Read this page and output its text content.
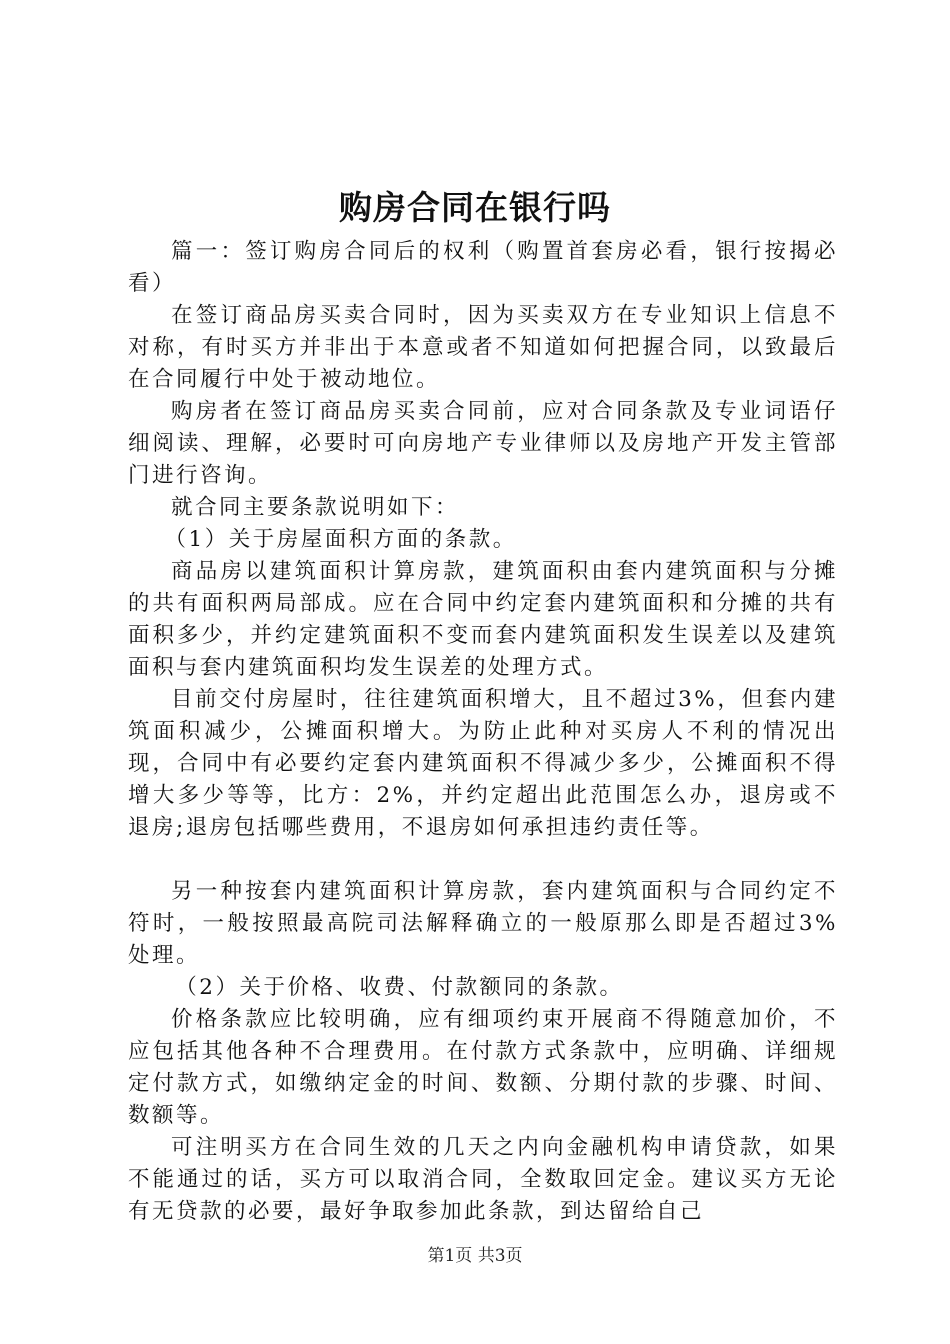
购房合同在银行吗

篇一：签订购房合同后的权利（购置首套房必看，银行按揭必看）

在签订商品房买卖合同时，因为买卖双方在专业知识上信息不对称，有时买方并非出于本意或者不知道如何把握合同，以致最后在合同履行中处于被动地位。

购房者在签订商品房买卖合同前，应对合同条款及专业词语仔细阅读、理解，必要时可向房地产专业律师以及房地产开发主管部门进行咨询。

就合同主要条款说明如下：

（1）关于房屋面积方面的条款。

商品房以建筑面积计算房款，建筑面积由套内建筑面积与分摊的共有面积两局部成。应在合同中约定套内建筑面积和分摊的共有面积多少，并约定建筑面积不变而套内建筑面积发生误差以及建筑面积与套内建筑面积均发生误差的处理方式。

目前交付房屋时，往往建筑面积增大，且不超过3%，但套内建筑面积减少，公摊面积增大。为防止此种对买房人不利的情况出现，合同中有必要约定套内建筑面积不得减少多少，公摊面积不得增大多少等等，比方：2%，并约定超出此范围怎么办，退房或不退房;退房包括哪些费用，不退房如何承担违约责任等。

另一种按套内建筑面积计算房款，套内建筑面积与合同约定不符时，一般按照最高院司法解释确立的一般原那么即是否超过3%处理。

（2）关于价格、收费、付款额同的条款。

价格条款应比较明确，应有细项约束开展商不得随意加价，不应包括其他各种不合理费用。在付款方式条款中，应明确、详细规定付款方式，如缴纳定金的时间、数额、分期付款的步骤、时间、数额等。

可注明买方在合同生效的几天之内向金融机构申请贷款，如果不能通过的话，买方可以取消合同，全数取回定金。建议买方无论有无贷款的必要，最好争取参加此条款，到达留给自己

第1页 共3页
